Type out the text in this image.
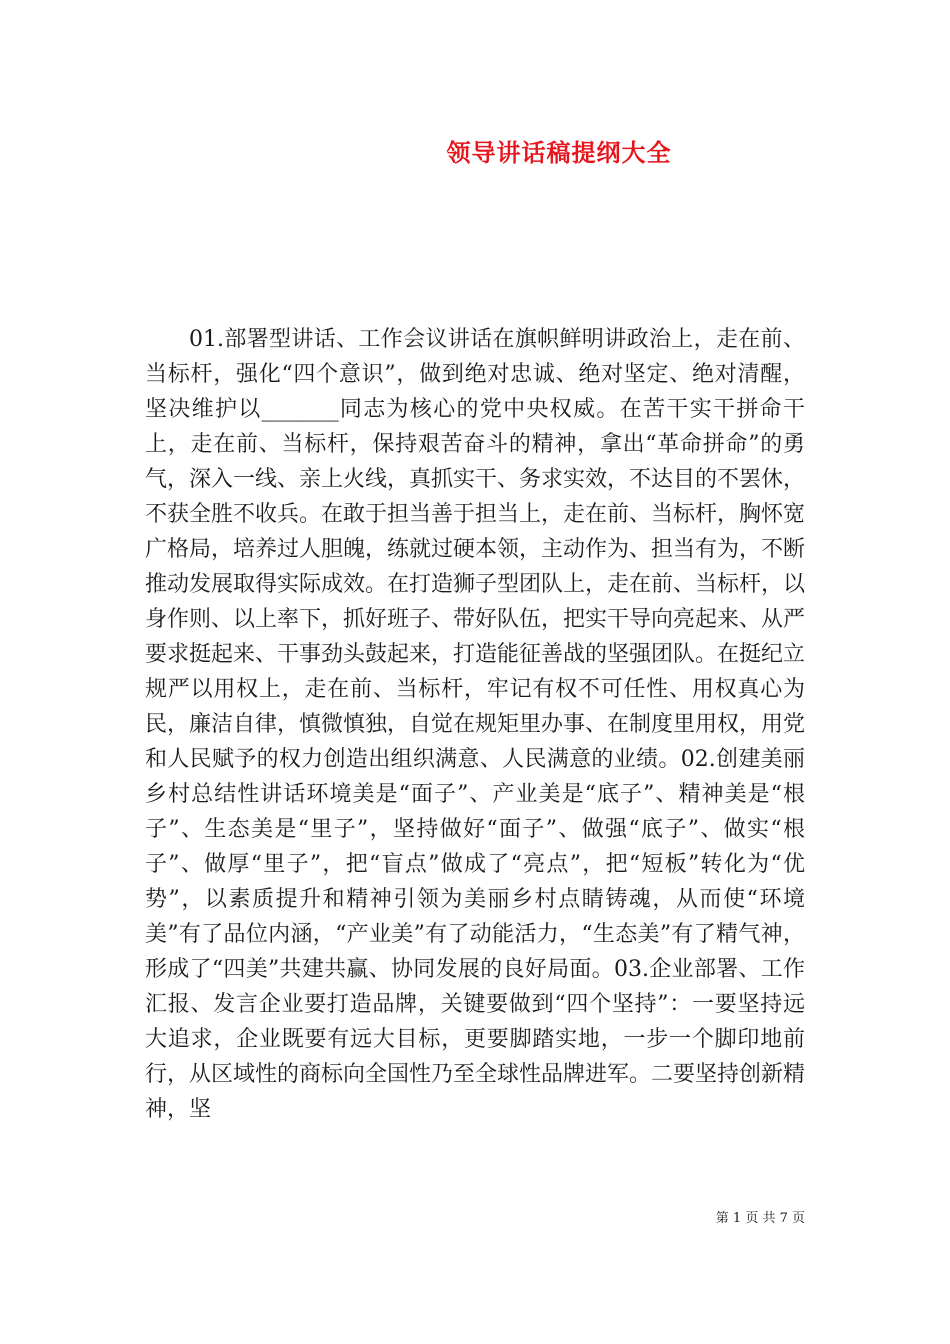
领导讲话稿提纲大全

01.部署型讲话、工作会议讲话在旗帜鲜明讲政治上，走在前、当标杆，强化“四个意识”，做到绝对忠诚、绝对坚定、绝对清醒，坚决维护以_______同志为核心的党中央权威。在苦干实干拼命干上，走在前、当标杆，保持艰苦奋斗的精神，拿出“革命拼命”的勇气，深入一线、亲上火线，真抓实干、务求实效，不达目的不罢休，不获全胜不收兵。在敢于担当善于担当上，走在前、当标杆，胸怀宽广格局，培养过人胆魄，练就过硬本领，主动作为、担当有为，不断推动发展取得实际成效。在打造狮子型团队上，走在前、当标杆，以身作则、以上率下，抓好班子、带好队伍，把实干导向亮起来、从严要求挺起来、干事劲头鼓起来，打造能征善战的坚强团队。在挺纪立规严以用权上，走在前、当标杆，牢记有权不可任性、用权真心为民，廉洁自律，慎微慎独，自觉在规矩里办事、在制度里用权，用党和人民赋予的权力创造出组织满意、人民满意的业绩。02.创建美丽乡村总结性讲话环境美是“面子”、产业美是“底子”、精神美是“根子”、生态美是“里子”，坚持做好“面子”、做强“底子”、做实“根子”、做厚“里子”，把“盲点”做成了“亮点”，把“短板”转化为“优势”，以素质提升和精神引领为美丽乡村点睛铸魂，从而使“环境美”有了品位内涵，“产业美”有了动能活力，“生态美”有了精气神，形成了“四美”共建共赢、协同发展的良好局面。03.企业部署、工作汇报、发言企业要打造品牌，关键要做到“四个坚持”：一要坚持远大追求，企业既要有远大目标，更要脚踏实地，一步一个脚印地前行，从区域性的商标向全国性乃至全球性品牌进军。二要坚持创新精神，坚

第 1 页 共 7 页
